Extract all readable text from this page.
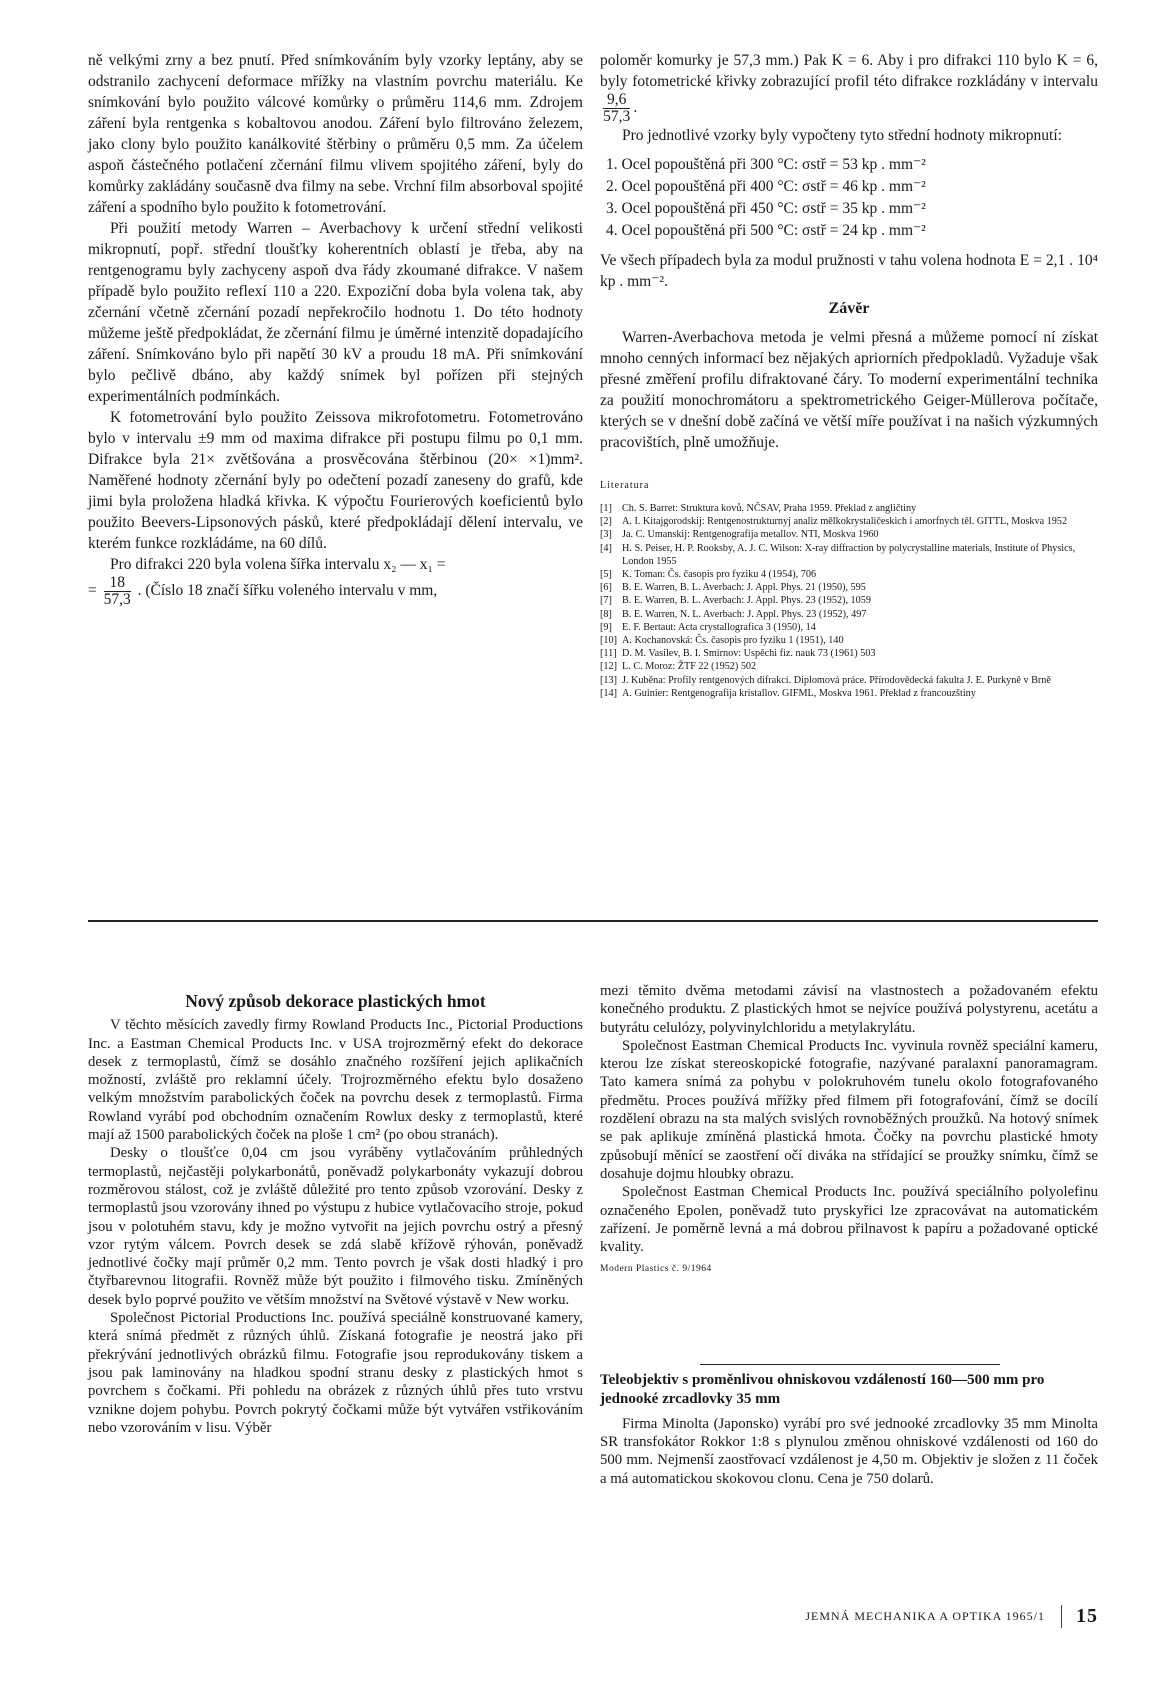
ně velkými zrny a bez pnutí. Před snímkováním byly vzorky leptány, aby se odstranilo zachycení deformace mřížky na vlastním povrchu materiálu. Ke snímkování bylo použito válcové komůrky o průměru 114,6 mm. Zdrojem záření byla rentgenka s kobaltovou anodou. Záření bylo filtrováno železem, jako clony bylo použito kanálkovité štěrbiny o průměru 0,5 mm. Za účelem aspoň částečného potlačení zčernání filmu vlivem spojitého záření, byly do komůrky zakládány současně dva filmy na sebe. Vrchní film absorboval spojité záření a spodního bylo použito k fotometrování.

Při použití metody Warren – Averbachovy k určení střední velikosti mikropnutí, popř. střední tloušťky koherentních oblastí je třeba, aby na rentgenogramu byly zachyceny aspoň dva řády zkoumané difrakce. V našem případě bylo použito reflexí 110 a 220. Expoziční doba byla volena tak, aby zčernání včetně zčernání pozadí nepřekročilo hodnotu 1. Do této hodnoty můžeme ještě předpokládat, že zčernání filmu je úměrné intenzitě dopadajícího záření. Snímkováno bylo při napětí 30 kV a proudu 18 mA. Při snímkování bylo pečlivě dbáno, aby každý snímek byl pořízen při stejných experimentálních podmínkách.

K fotometrování bylo použito Zeissova mikrofotometru. Fotometrováno bylo v intervalu ±9 mm od maxima difrakce při postupu filmu po 0,1 mm. Difrakce byla 21× zvětšována a prosvěcována štěrbinou (20× ×1)mm². Naměřené hodnoty zčernání byly po odečtení pozadí zaneseny do grafů, kde jimi byla proložena hladká křivka. K výpočtu Fourierových koeficientů bylo použito Beevers-Lipsonových pásků, které předpokládají dělení intervalu, ve kterém funkce rozkládáme, na 60 dílů.

Pro difrakci 220 byla volena šířka intervalu x₂ — x₁ =

= $\frac{18}{57,3}$ . (Číslo 18 značí šířku voleného intervalu v mm,

poloměr komurky je 57,3 mm.) Pak K = 6. Aby i pro difrakci 110 bylo K = 6, byly fotometrické křivky zobrazující profil této difrakce rozkládány v intervalu
$\frac{9,6}{57,3}$ .

Pro jednotlivé vzorky byly vypočteny tyto střední hodnoty mikropnutí:

1. Ocel popouštěná při 300 °C: σstř = 53 kp . mm⁻²
2. Ocel popouštěná při 400 °C: σstř = 46 kp . mm⁻²
3. Ocel popouštěná při 450 °C: σstř = 35 kp . mm⁻²
4. Ocel popouštěná při 500 °C: σstř = 24 kp . mm⁻²

Ve všech případech byla za modul pružnosti v tahu volena hodnota E = 2,1 . 10⁴ kp . mm⁻².

Závěr

Warren-Averbachova metoda je velmi přesná a můžeme pomocí ní získat mnoho cenných informací bez nějakých apriorních předpokladů. Vyžaduje však přesné změření profilu difraktované čáry. To moderní experimentální technika za použití monochromátoru a spektrometrického Geiger-Müllerova počítače, kterých se v dnešní době začíná ve větší míře používat i na našich výzkumných pracovištích, plně umožňuje.

Literatura
[1] Ch. S. Barret: Struktura kovů. NČSAV, Praha 1959. Překlad z angličtiny
[2] A. I. Kitajgorodskij: Rentgenostrukturnyj analiz mělkokrystaličeskich i amorfnych těl. GITTL, Moskva 1952
[3] Ja. C. Umanskij: Rentgenografija metallov. NTI, Moskva 1960
[4] H. S. Peiser, H. P. Rooksby, A. J. C. Wilson: X-ray diffraction by polycrystalline materials, Institute of Physics, London 1955
[5] K. Toman: Čs. časopis pro fyziku 4 (1954), 706
[6] B. E. Warren, B. L. Averbach: J. Appl. Phys. 21 (1950), 595
[7] B. E. Warren, B. L. Averbach: J. Appl. Phys. 23 (1952), 1059
[8] B. E. Warren, N. L. Averbach: J. Appl. Phys. 23 (1952), 497
[9] E. F. Bertaut: Acta crystallografica 3 (1950), 14
[10] A. Kochanovská: Čs. časopis pro fyziku 1 (1951), 140
[11] D. M. Vasilev, B. I. Smirnov: Uspěchi fiz. nauk 73 (1961) 503
[12] L. C. Moroz: ŽTF 22 (1952) 502
[13] J. Kuběna: Profily rentgenových difrakcí. Diplomová práce. Přírodovědecká fakulta J. E. Purkyně v Brně
[14] A. Guinier: Rentgenografija kristallov. GIFML, Moskva 1961. Překlad z francouzštiny
Nový způsob dekorace plastických hmot

V těchto měsících zavedly firmy Rowland Products Inc., Pictorial Productions Inc. a Eastman Chemical Products Inc. v USA trojrozměrný efekt do dekorace desek z termoplastů, čímž se dosáhlo značného rozšíření jejich aplikačních možností, zvláště pro reklamní účely. Trojrozměrného efektu bylo dosaženo velkým množstvím parabolických čoček na povrchu desek z termoplastů. Firma Rowland vyrábí pod obchodním označením Rowlux desky z termoplastů, které mají až 1500 parabolických čoček na ploše 1 cm² (po obou stranách).

Desky o tloušťce 0,04 cm jsou vyráběny vytlačováním průhledných termoplastů, nejčastěji polykarbonátů, poněvadž polykarbonáty vykazují dobrou rozměrovou stálost, což je zvláště důležité pro tento způsob vzorování. Desky z termoplastů jsou vzorovány ihned po výstupu z hubice vytlačovacího stroje, pokud jsou v polotuhém stavu, kdy je možno vytvořit na jejich povrchu ostrý a přesný vzor rytým válcem. Povrch desek se zdá slabě křížově rýhován, poněvadž jednotlivé čočky mají průměr 0,2 mm. Tento povrch je však dosti hladký i pro čtyřbarevnou litografii. Rovněž může být použito i filmového tisku. Zmíněných desek bylo poprvé použito ve větším množství na Světové výstavě v New worku.

Společnost Pictorial Productions Inc. používá speciálně konstruované kamery, která snímá předmět z různých úhlů. Získaná fotografie je neostrá jako při překrývání jednotlivých obrázků filmu. Fotografie jsou reprodukovány tiskem a jsou pak laminovány na hladkou spodní stranu desky z plastických hmot s povrchem s čočkami. Při pohledu na obrázek z různých úhlů přes tuto vrstvu vznikne dojem pohybu. Povrch pokrytý čočkami může být vytvářen vstřikováním nebo vzorováním v lisu. Výběr

mezi těmito dvěma metodami závisí na vlastnostech a požadovaném efektu konečného produktu. Z plastických hmot se nejvíce používá polystyrenu, acetátu a butyrátu celulózy, polyvinylchloridu a metylakrylátu.

Společnost Eastman Chemical Products Inc. vyvinula rovněž speciální kameru, kterou lze získat stereoskopické fotografie, nazývané paralaxní panoramagram. Tato kamera snímá za pohybu v polokruhovém tunelu okolo fotografovaného předmětu. Proces používá mřížky před filmem při fotografování, čímž se docílí rozdělení obrazu na sta malých svislých rovnoběžných proužků. Na hotový snímek se pak aplikuje zmíněná plastická hmota. Čočky na povrchu plastické hmoty způsobují měnící se zaostření očí diváka na střídající se proužky snímku, čímž se dosahuje dojmu hloubky obrazu.

Společnost Eastman Chemical Products Inc. používá speciálního polyolefinu označeného Epolen, poněvadž tuto pryskyřici lze zpracovávat na automatickém zařízení. Je poměrně levná a má dobrou přilnavost k papíru a požadované optické kvality.

Modern Plastics č. 9/1964
Teleobjektiv s proměnlivou ohniskovou vzdáleností 160—500 mm pro jednooké zrcadlovky 35 mm

Firma Minolta (Japonsko) vyrábí pro své jednooké zrcadlovky 35 mm Minolta SR transfokátor Rokkor 1:8 s plynulou změnou ohniskové vzdálenosti od 160 do 500 mm. Nejmenší zaostřovací vzdálenost je 4,50 m. Objektiv je složen z 11 čoček a má automatickou skokovou clonu. Cena je 750 dolarů.

JEMNÁ MECHANIKA A OPTIKA 1965/1	15
